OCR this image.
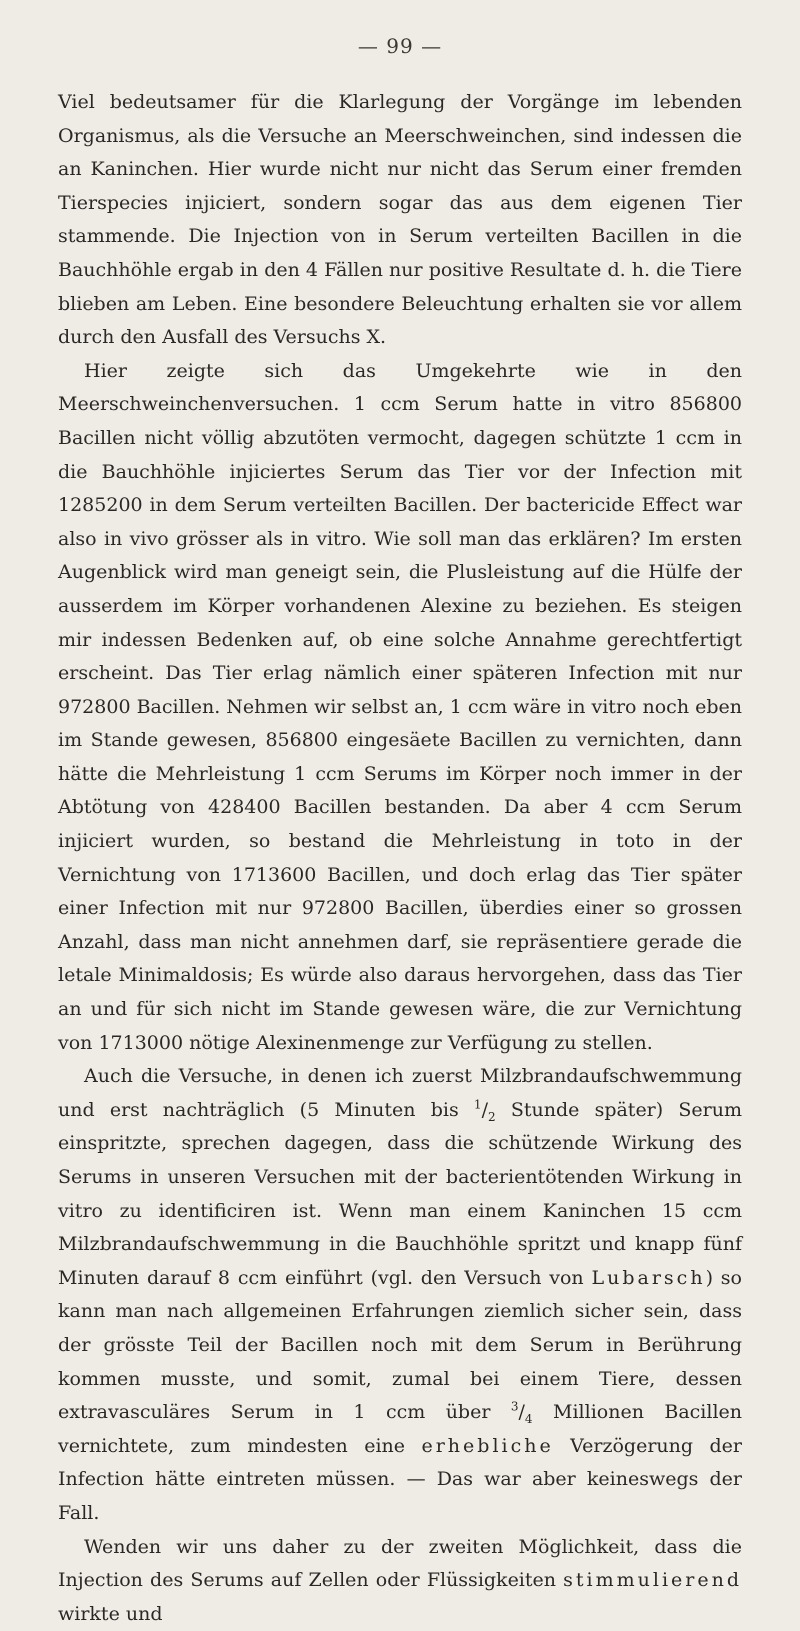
— 99 —

Viel bedeutsamer für die Klarlegung der Vorgänge im lebenden Organismus, als die Versuche an Meerschweinchen, sind indessen die an Kaninchen. Hier wurde nicht nur nicht das Serum einer fremden Tierspecies injiciert, sondern sogar das aus dem eigenen Tier stammende. Die Injection von in Serum verteilten Bacillen in die Bauchhöhle ergab in den 4 Fällen nur positive Resultate d. h. die Tiere blieben am Leben. Eine besondere Beleuchtung erhalten sie vor allem durch den Ausfall des Versuchs X.

Hier zeigte sich das Umgekehrte wie in den Meerschweinchenversuchen. 1 ccm Serum hatte in vitro 856800 Bacillen nicht völlig abzutöten vermocht, dagegen schützte 1 ccm in die Bauchhöhle injiciertes Serum das Tier vor der Infection mit 1285200 in dem Serum verteilten Bacillen. Der bactericide Effect war also in vivo grösser als in vitro. Wie soll man das erklären? Im ersten Augenblick wird man geneigt sein, die Plusleistung auf die Hülfe der ausserdem im Körper vorhandenen Alexine zu beziehen. Es steigen mir indessen Bedenken auf, ob eine solche Annahme gerechtfertigt erscheint. Das Tier erlag nämlich einer späteren Infection mit nur 972800 Bacillen. Nehmen wir selbst an, 1 ccm wäre in vitro noch eben im Stande gewesen, 856800 eingesäete Bacillen zu vernichten, dann hätte die Mehrleistung 1 ccm Serums im Körper noch immer in der Abtötung von 428400 Bacillen bestanden. Da aber 4 ccm Serum injiciert wurden, so bestand die Mehrleistung in toto in der Vernichtung von 1713600 Bacillen, und doch erlag das Tier später einer Infection mit nur 972800 Bacillen, überdies einer so grossen Anzahl, dass man nicht annehmen darf, sie repräsentiere gerade die letale Minimaldosis; Es würde also daraus hervorgehen, dass das Tier an und für sich nicht im Stande gewesen wäre, die zur Vernichtung von 1713000 nötige Alexinenmenge zur Verfügung zu stellen.

Auch die Versuche, in denen ich zuerst Milzbrandaufschwemmung und erst nachträglich (5 Minuten bis $^1/_2$ Stunde später) Serum einspritzte, sprechen dagegen, dass die schützende Wirkung des Serums in unseren Versuchen mit der bacterientötenden Wirkung in vitro zu identificiren ist. Wenn man einem Kaninchen 15 ccm Milzbrandaufschwemmung in die Bauchhöhle spritzt und knapp fünf Minuten darauf 8 ccm einführt (vgl. den Versuch von Lubarsch) so kann man nach allgemeinen Erfahrungen ziemlich sicher sein, dass der grösste Teil der Bacillen noch mit dem Serum in Berührung kommen musste, und somit, zumal bei einem Tiere, dessen extravasculäres Serum in 1 ccm über $^3/_4$ Millionen Bacillen vernichtete, zum mindesten eine erhebliche Verzögerung der Infection hätte eintreten müssen. — Das war aber keineswegs der Fall.

Wenden wir uns daher zu der zweiten Möglichkeit, dass die Injection des Serums auf Zellen oder Flüssigkeiten stimmulierend wirkte und
